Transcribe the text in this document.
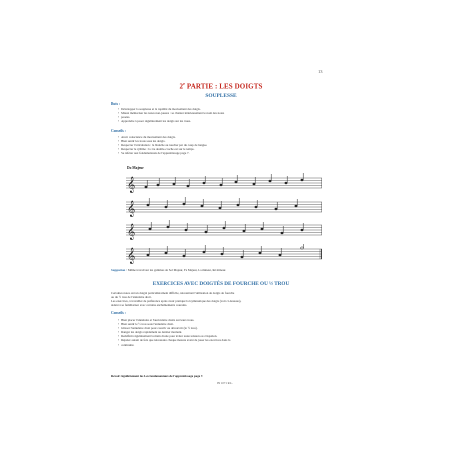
13
2e PARTIE : LES DOIGTS
SOUPLESSE
Buts :
• Développer la souplesse et la rapidité du mouvement des doigts.
• Mieux mémoriser les notes non-jouées : se chanter intérieurement le nom des notes
• posées.
• Apprendre à poser régulièrement les doigts sur les trous.
Conseils :
• Avoir conscience du mouvement des doigts.
• Bien sentir les trous sous les doigts.
• Respecter l'articulation : la blanche au toucher par du coup de langue.
• Respecter le rythme : la 1re double-croche est sur le temps.
• Se référer aux fondamentaux de l'apprentissage page 7.
Do Majeur
𝄞
𝄞
𝄞
𝄞
Suggestion : Même travail sur les gammes de Sol Majeur, Fa Majeur, La mineur, Ré mineur.
EXERCICES AVEC DOIGTÉS DE FOURCHE OU ½ TROU
Certaines notes ont un doigté particulièrement difficile, nécessitant l'utilisation de doigts de fourche
ou du ½ trou de l'annulaire droit.
Les exercices, à travailler de préférence après avoir pratiqué la Gymnastique des doigts (voir ci-dessous),
aident à se familiariser avec certains enchaînements courants.
Conseils :
• Bien placer l'annulaire et l'auriculaire droits sur leurs trous.
• Bien sentir le ½ trou sous l'annulaire droit.
• Glisser l'annulaire droit pour couvrir ou découvrir (le ½ trou).
• Ranger les doigts rapidement au dernier moment.
• Redéfinir régulièrement la main droite pour éviter toute tension ou crispation.
• Répéter autant de fois que nécessaire chaque mesure avant de jouer les exercices dans la
• continuité.
Revoir régulièrement les Les fondamentaux de l'apprentissage page 7.
IN 1071 R.L.
